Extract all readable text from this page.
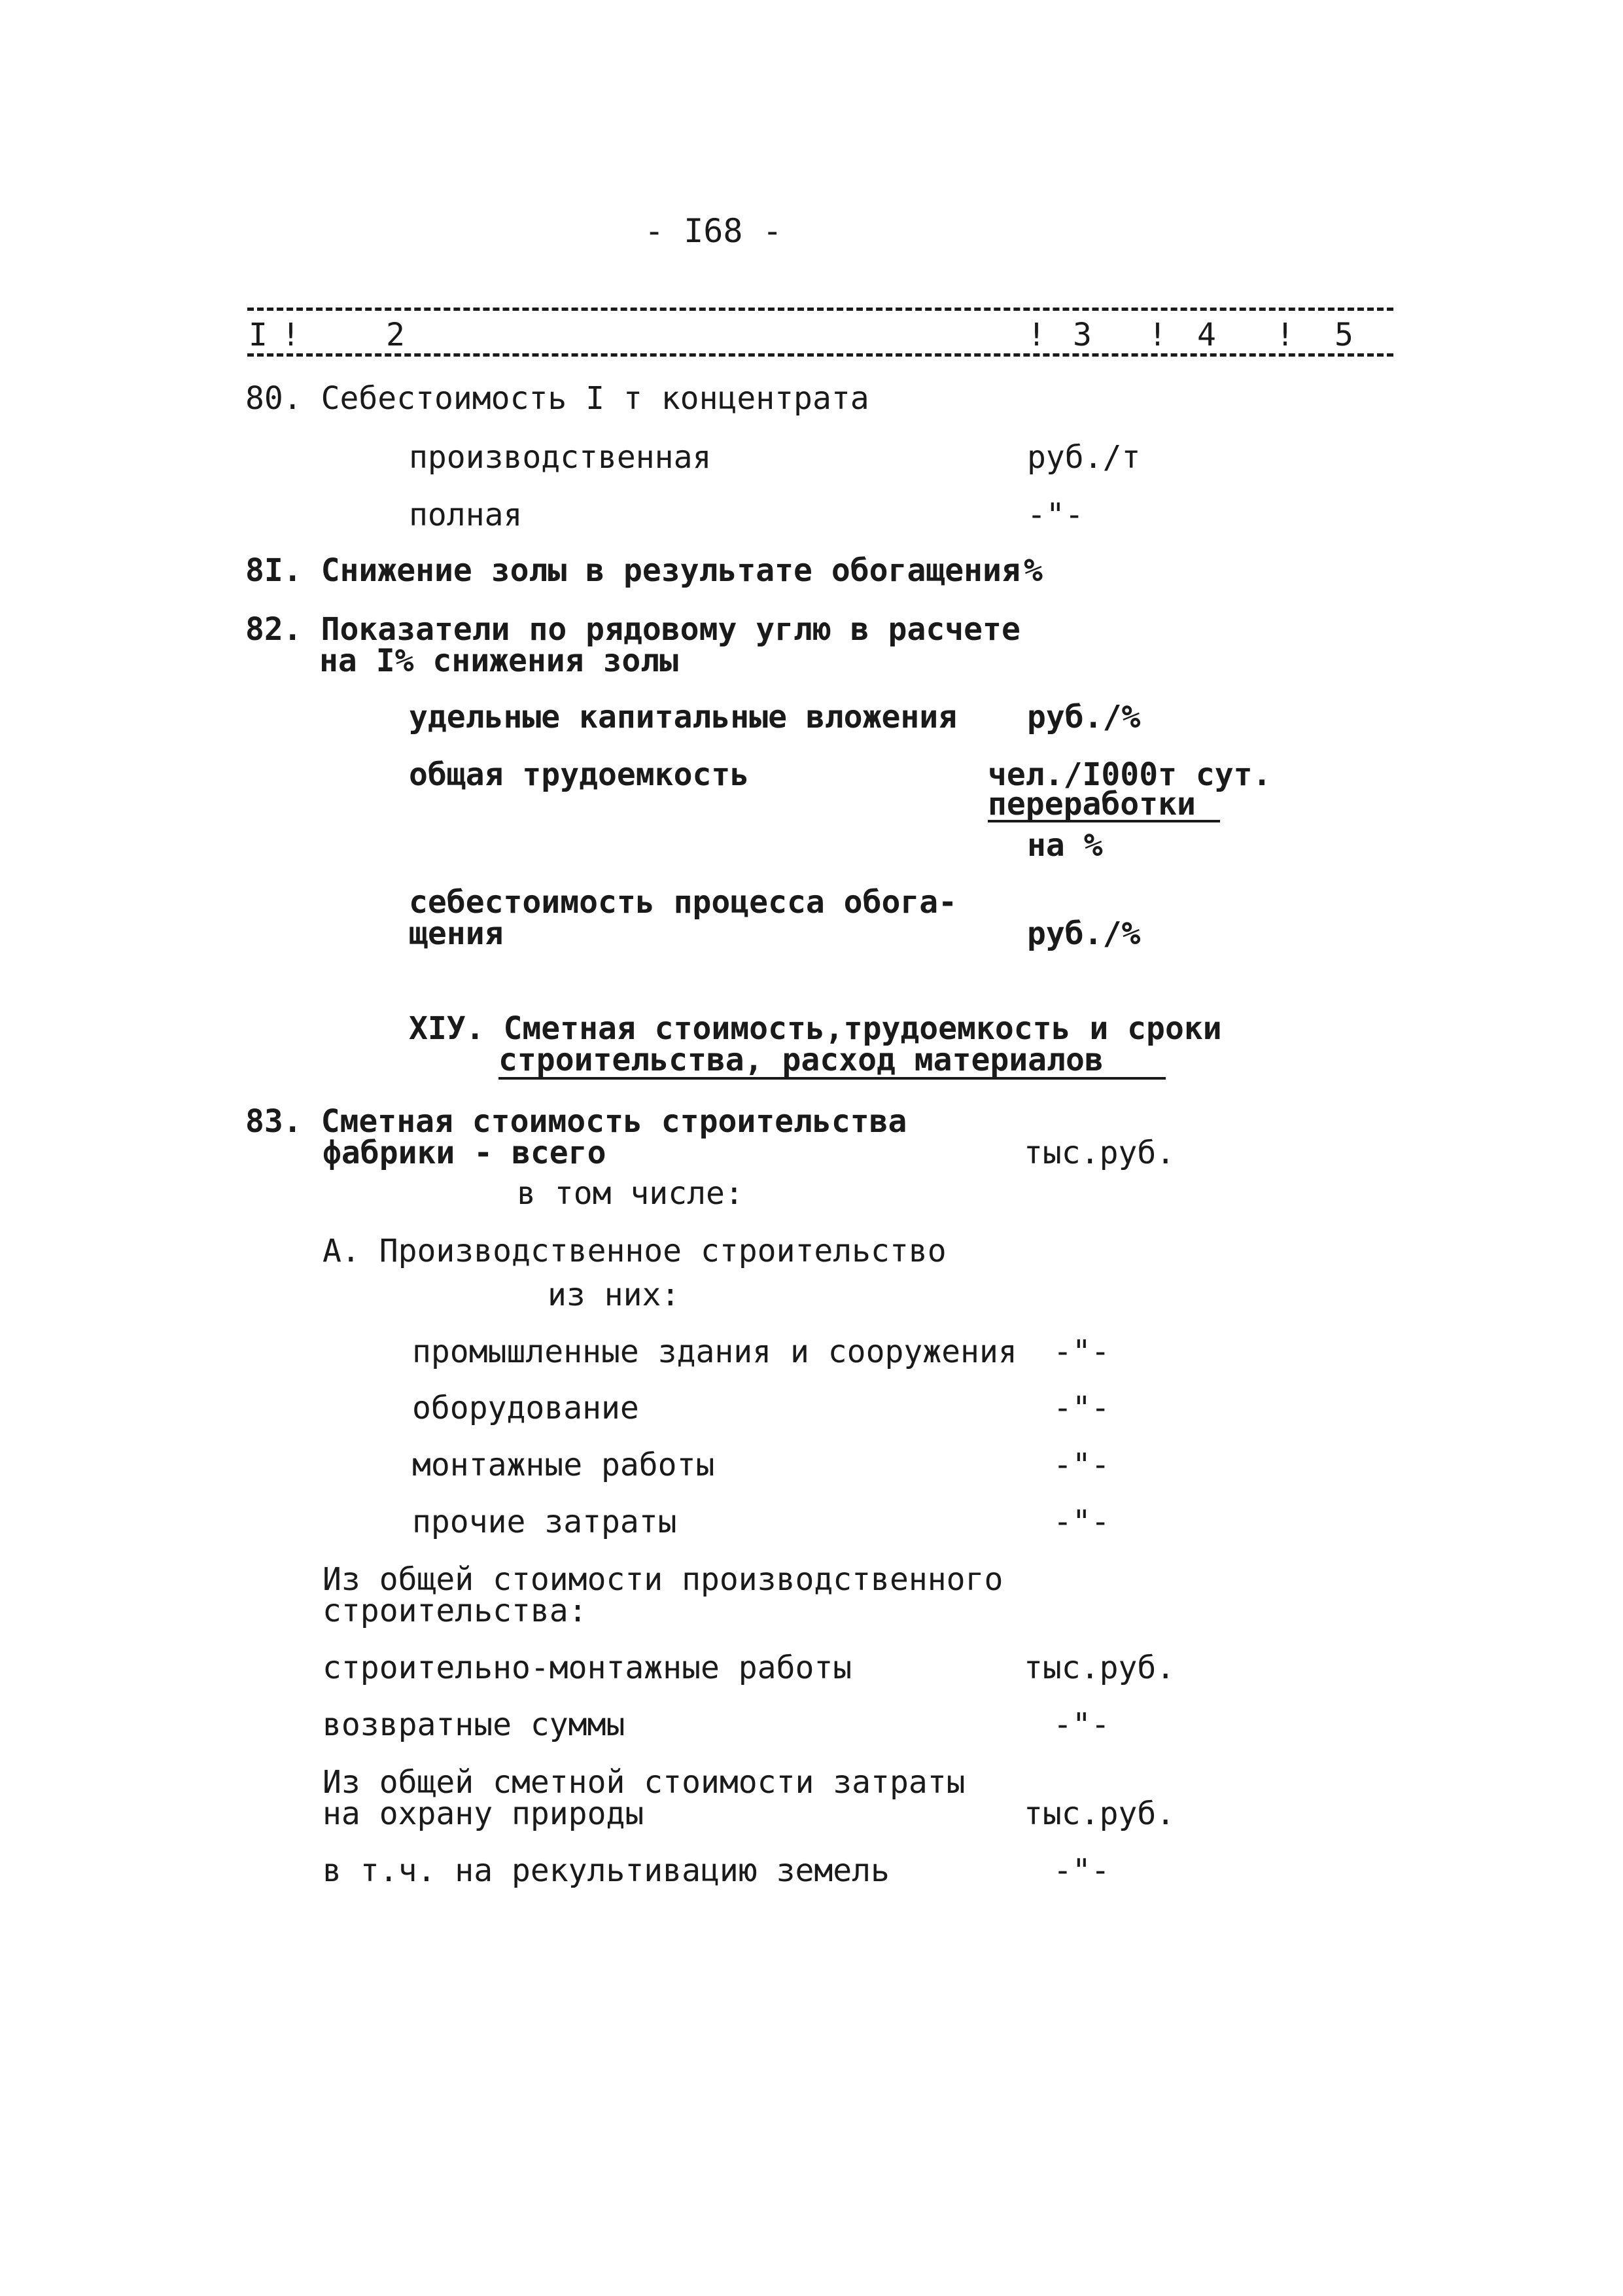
- I68 -
I !	2	! 3 ! 4 ! 5
80. Себестоимость I т концентрата
производственная	руб./т
полная	-"-
8I. Снижение золы в результате обогащения %
82. Показатели по рядовому углю в расчете
на I% снижения золы
удельные капитальные вложения руб./%
общая трудоемкость	чел./I000т сут.
переработки
на %
себестоимость процесса обога-
щения	руб./%
XIУ. Сметная стоимость,трудоемкость и сроки
строительства, расход материалов
83. Сметная стоимость строительства
фабрики - всего	тыс.руб.
в том числе:
А. Производственное строительство
из них:
промышленные здания и сооружения -"-
оборудование	-"-
монтажные работы	-"-
прочие затраты	-"-
Из общей стоимости производственного
строительства:
строительно-монтажные работы	тыс.руб.
возвратные суммы	-"-
Из общей сметной стоимости затраты
на охрану природы	тыс.руб.
в т.ч. на рекультивацию земель	-"-
